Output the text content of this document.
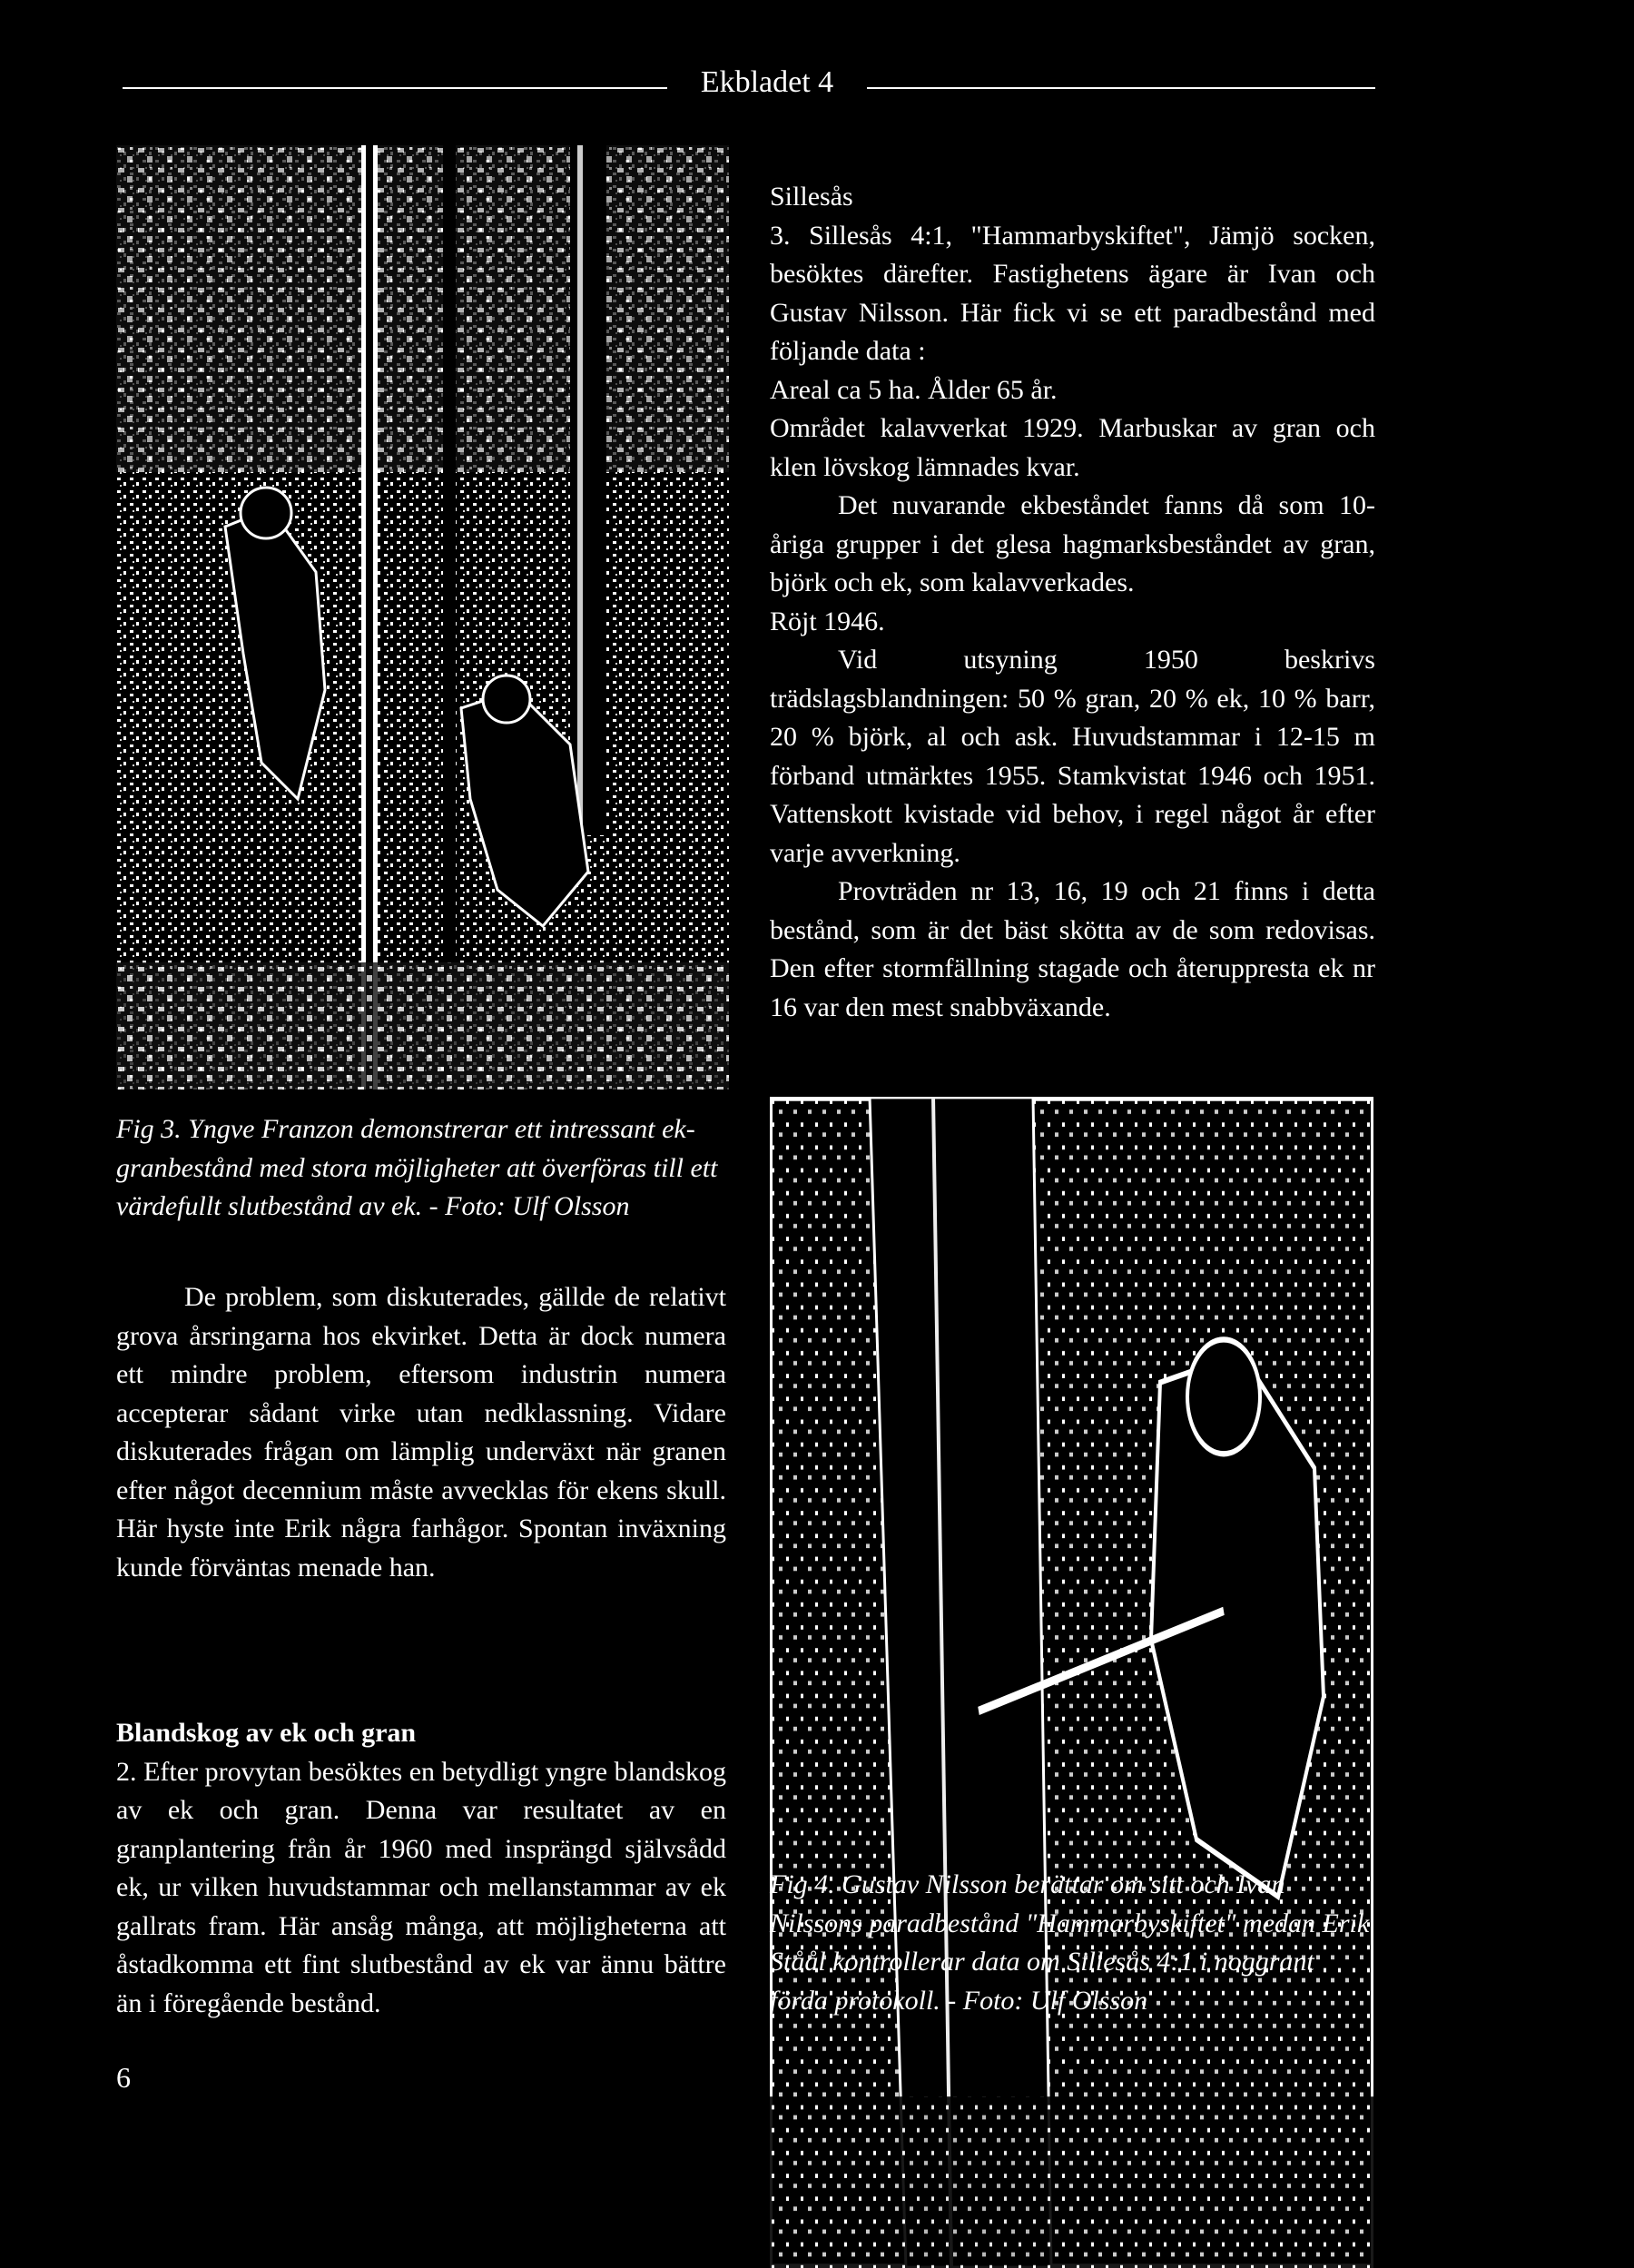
Ekbladet 4

Sillesås

3. Sillesås 4:1, "Hammarbyskiftet", Jämjö socken, besöktes därefter. Fastighetens ägare är Ivan och Gustav Nilsson. Här fick vi se ett paradbestånd med följande data :

Areal ca 5 ha. Ålder 65 år.

Området kalavverkat 1929. Marbuskar av gran och klen lövskog lämnades kvar.

Det nuvarande ekbeståndet fanns då som 10-åriga grupper i det glesa hagmarksbeståndet av gran, björk och ek, som kalavverkades.

Röjt 1946.

Vid utsyning 1950 beskrivs trädslagsblandningen: 50 % gran, 20 % ek, 10 % barr, 20 % björk, al och ask. Huvudstammar i 12-15 m förband utmärktes 1955. Stamkvistat 1946 och 1951. Vattenskott kvistade vid behov, i regel något år efter varje avverkning.

Provträden nr 13, 16, 19 och 21 finns i detta bestånd, som är det bäst skötta av de som redovisas. Den efter stormfällning stagade och återuppresta ek nr 16 var den mest snabbväxande.

Fig 3. Yngve Franzon demonstrerar ett intressant ek-granbestånd med stora möjligheter att överföras till ett värdefullt slutbestånd av ek. - Foto: Ulf Olsson

De problem, som diskuterades, gällde de relativt grova årsringarna hos ekvirket. Detta är dock numera ett mindre problem, eftersom industrin numera accepterar sådant virke utan nedklassning. Vidare diskuterades frågan om lämplig underväxt när granen efter något decennium måste avvecklas för ekens skull. Här hyste inte Erik några farhågor. Spontan inväxning kunde förväntas menade han.

Blandskog av ek och gran

2. Efter provytan besöktes en betydligt yngre blandskog av ek och gran. Denna var resultatet av en granplantering från år 1960 med insprängd självsådd ek, ur vilken huvudstammar och mellanstammar av ek gallrats fram. Här ansåg många, att möjligheterna att åstadkomma ett fint slutbestånd av ek var ännu bättre än i föregående bestånd.

Fig 4. Gustav Nilsson berättar om sitt och Ivan Nilssons paradbestånd "Hammarbyskiftet" medan Erik Ståål kontrollerar data om Sillesås 4:1 i noggrant förda protokoll. - Foto: Ulf Olsson

6
